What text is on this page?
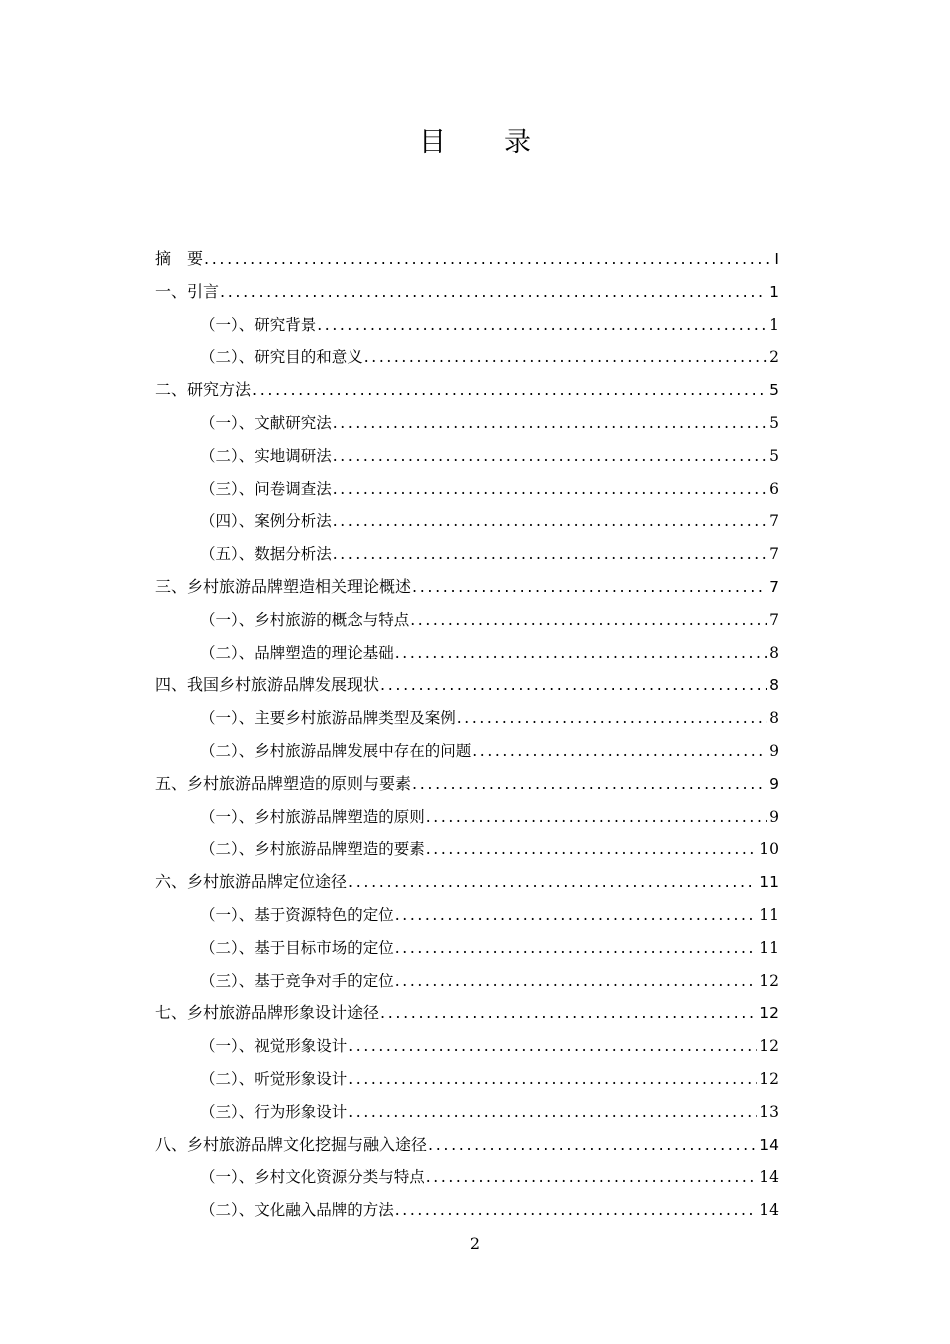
目录
摘　要 .....	I
一、引言 .....	1
（一）、研究背景 .....	1
（二）、研究目的和意义 .....	2
二、研究方法 .....	5
（一）、文献研究法 .....	5
（二）、实地调研法 .....	5
（三）、问卷调查法 .....	6
（四）、案例分析法 .....	7
（五）、数据分析法 .....	7
三、乡村旅游品牌塑造相关理论概述 .....	7
（一）、乡村旅游的概念与特点 .....	7
（二）、品牌塑造的理论基础 .....	8
四、我国乡村旅游品牌发展现状 .....	8
（一）、主要乡村旅游品牌类型及案例 .....	8
（二）、乡村旅游品牌发展中存在的问题 .....	9
五、乡村旅游品牌塑造的原则与要素 .....	9
（一）、乡村旅游品牌塑造的原则 .....	9
（二）、乡村旅游品牌塑造的要素 .....	10
六、乡村旅游品牌定位途径 .....	11
（一）、基于资源特色的定位 .....	11
（二）、基于目标市场的定位 .....	11
（三）、基于竞争对手的定位 .....	12
七、乡村旅游品牌形象设计途径 .....	12
（一）、视觉形象设计 .....	12
（二）、听觉形象设计 .....	12
（三）、行为形象设计 .....	13
八、乡村旅游品牌文化挖掘与融入途径 .....	14
（一）、乡村文化资源分类与特点 .....	14
（二）、文化融入品牌的方法 .....	14
2
